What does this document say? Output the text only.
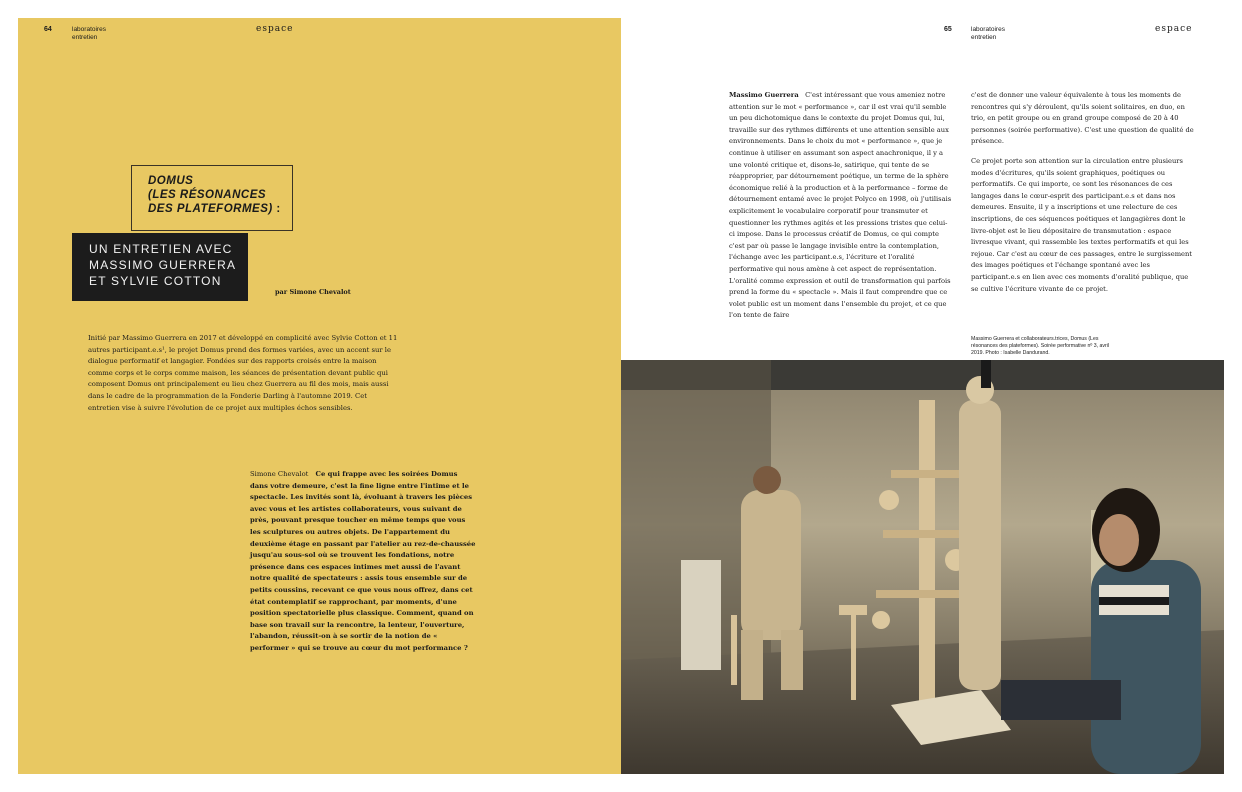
64	laboratoires
entretien
espace
DOMUS
(LES RÉSONANCES
DES PLATEFORMES) :
UN ENTRETIEN AVEC
MASSIMO GUERRERA
ET SYLVIE COTTON
par Simone Chevalot
Initié par Massimo Guerrera en 2017 et développé en complicité avec Sylvie Cotton et 11 autres participant.e.s¹, le projet Domus prend des formes variées, avec un accent sur le dialogue performatif et langagier. Fondées sur des rapports croisés entre la maison comme corps et le corps comme maison, les séances de présentation devant public qui composent Domus ont principalement eu lieu chez Guerrera au fil des mois, mais aussi dans le cadre de la programmation de la Fonderie Darling à l'automne 2019. Cet entretien vise à suivre l'évolution de ce projet aux multiples échos sensibles.
Simone Chevalot Ce qui frappe avec les soirées Domus dans votre demeure, c'est la fine ligne entre l'intime et le spectacle. Les invités sont là, évoluant à travers les pièces avec vous et les artistes collaborateurs, vous suivant de près, pouvant presque toucher en même temps que vous les sculptures ou autres objets. De l'appartement du deuxième étage en passant par l'atelier au rez-de-chaussée jusqu'au sous-sol où se trouvent les fondations, notre présence dans ces espaces intimes met aussi de l'avant notre qualité de spectateurs : assis tous ensemble sur de petits coussins, recevant ce que vous nous offrez, dans cet état contemplatif se rapprochant, par moments, d'une position spectatorielle plus classique. Comment, quand on base son travail sur la rencontre, la lenteur, l'ouverture, l'abandon, réussit-on à se sortir de la notion de « performer » qui se trouve au cœur du mot performance ?
65	laboratoires
entretien
espace
Massimo Guerrera C'est intéressant que vous ameniez notre attention sur le mot « performance », car il est vrai qu'il semble un peu dichotomique dans le contexte du projet Domus qui, lui, travaille sur des rythmes différents et une attention sensible aux environnements. Dans le choix du mot « performance », que je continue à utiliser en assumant son aspect anachronique, il y a une volonté critique et, disons-le, satirique, qui tente de se réapproprier, par détournement poétique, un terme de la sphère économique relié à la production et à la performance – forme de détournement entamé avec le projet Polyco en 1998, où j'utilisais explicitement le vocabulaire corporatif pour transmuter et questionner les rythmes agités et les pressions tristes que celui-ci impose. Dans le processus créatif de Domus, ce qui compte c'est par où passe le langage invisible entre la contemplation, l'échange avec les participant.e.s, l'écriture et l'oralité performative qui nous amène à cet aspect de représentation. L'oralité comme expression et outil de transformation qui parfois prend la forme du « spectacle ». Mais il faut comprendre que ce volet public est un moment dans l'ensemble du projet, et ce que l'on tente de faire

c'est de donner une valeur équivalente à tous les moments de rencontres qui s'y déroulent, qu'ils soient solitaires, en duo, en trio, en petit groupe ou en grand groupe composé de 20 à 40 personnes (soirée performative). C'est une question de qualité de présence.

Ce projet porte son attention sur la circulation entre plusieurs modes d'écritures, qu'ils soient graphiques, poétiques ou performatifs. Ce qui importe, ce sont les résonances de ces langages dans le cœur-esprit des participant.e.s et dans nos demeures. Ensuite, il y a inscriptions et une relecture de ces inscriptions, de ces séquences poétiques et langagières dont le livre-objet est le lieu dépositaire de transmutation : espace livresque vivant, qui rassemble les textes performatifs et qui les rejoue. Car c'est au cœur de ces passages, entre le surgissement des images poétiques et l'échange spontané avec les participant.e.s en lien avec ces moments d'oralité publique, que se cultive l'écriture vivante de ce projet.

Massimo Guerrera et collaborateurs.trices, Domus (Les résonances des plateformes). Soirée performative nº 3, avril 2019. Photo : Isabelle Dandurand.
